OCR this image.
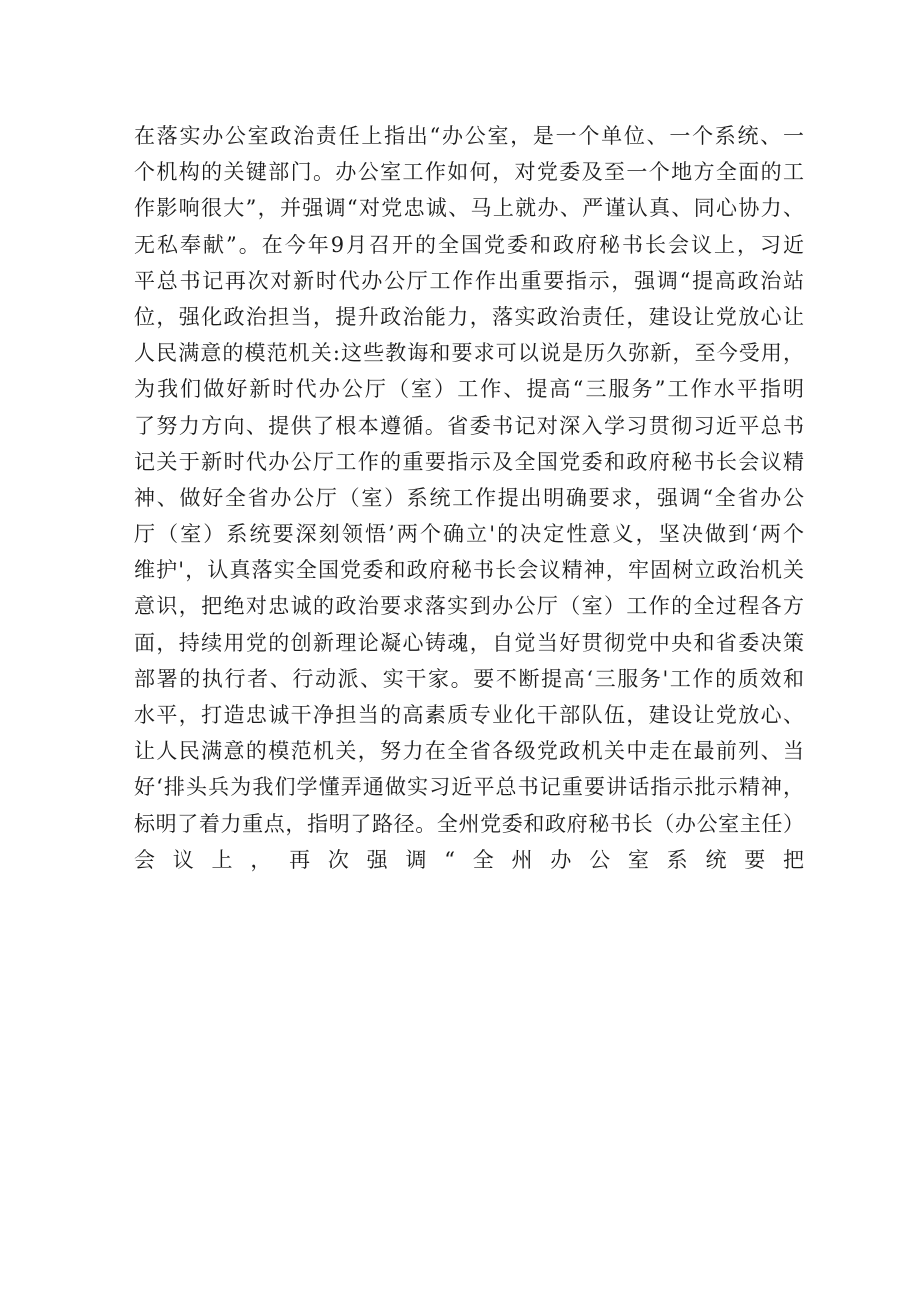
在落实办公室政治责任上指出“办公室，是一个单位、一个系统、一
个机构的关键部门。办公室工作如何，对党委及至一个地方全面的工
作影响很大”，并强调“对党忠诚、马上就办、严谨认真、同心协力、
无私奉献”。在今年9月召开的全国党委和政府秘书长会议上，习近
平总书记再次对新时代办公厅工作作出重要指示，强调“提高政治站
位，强化政治担当，提升政治能力，落实政治责任，建设让党放心让
人民满意的模范机关:这些教诲和要求可以说是历久弥新，至今受用，
为我们做好新时代办公厅（室）工作、提高“三服务”工作水平指明
了努力方向、提供了根本遵循。省委书记对深入学习贯彻习近平总书
记关于新时代办公厅工作的重要指示及全国党委和政府秘书长会议精
神、做好全省办公厅（室）系统工作提出明确要求，强调“全省办公
厅（室）系统要深刻领悟’两个确立'的决定性意义，坚决做到‘两个
维护'，认真落实全国党委和政府秘书长会议精神，牢固树立政治机关
意识，把绝对忠诚的政治要求落实到办公厅（室）工作的全过程各方
面，持续用党的创新理论凝心铸魂，自觉当好贯彻党中央和省委决策
部署的执行者、行动派、实干家。要不断提高‘三服务'工作的质效和
水平，打造忠诚干净担当的高素质专业化干部队伍，建设让党放心、
让人民满意的模范机关，努力在全省各级党政机关中走在最前列、当
好‘排头兵为我们学懂弄通做实习近平总书记重要讲话指示批示精神，
标明了着力重点，指明了路径。全州党委和政府秘书长（办公室主任）
会议上，再次强调“全州办公室系统要把
